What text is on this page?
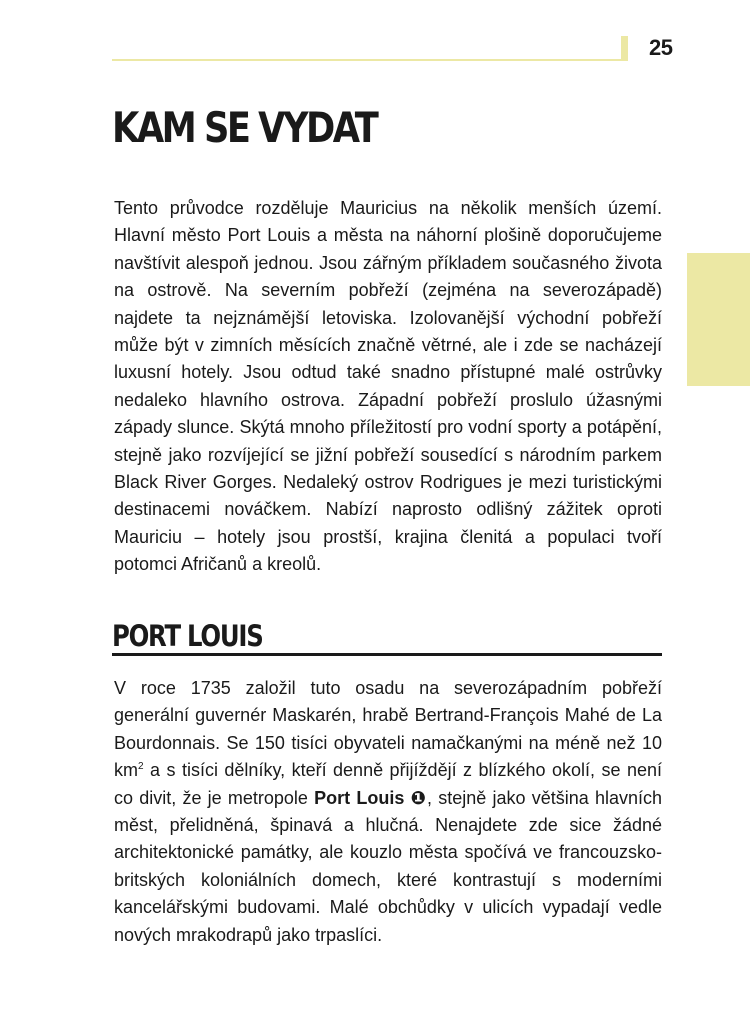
25
KAM SE VYDAT

Tento průvodce rozděluje Mauricius na několik menších území. Hlavní město Port Louis a města na náhorní plošině doporučujeme navštívit alespoň jednou. Jsou zářným příkladem současného života na ostrově. Na severním pobřeží (zejména na severozápadě) najdete ta nejznámější letoviska. Izolovanější východní pobřeží může být v zimních měsících značně větrné, ale i zde se nacházejí luxusní hotely. Jsou odtud také snadno přístupné malé ostrůvky nedaleko hlavního ostrova. Západní pobřeží proslulo úžasnými západy slunce. Skýtá mnoho příležitostí pro vodní sporty a potápění, stejně jako rozvíjející se jižní pobřeží sousedící s národním parkem Black River Gorges. Nedaleký ostrov Rodrigues je mezi turistickými destinacemi nováčkem. Nabízí naprosto odlišný zážitek oproti Mauriciu – hotely jsou prostší, krajina členitá a populaci tvoří potomci Afričanů a kreolů.

PORT LOUIS

V roce 1735 založil tuto osadu na severozápadním pobřeží generální guvernér Maskarén, hrabě Bertrand-François Mahé de La Bourdonnais. Se 150 tisíci obyvateli namačkanými na méně než 10 $km^2$ a s tisíci dělníky, kteří denně přijíždějí z blízkého okolí, se není co divit, že je metropole Port Louis ❶, stejně jako většina hlavních měst, přelidněná, špinavá a hlučná. Nenajdete zde sice žádné architektonické památky, ale kouzlo města spočívá ve francouzsko-britských koloniálních domech, které kontrastují s moderními kancelářskými budovami. Malé obchůdky v ulicích vypadají vedle nových mrakodrapů jako trpaslíci.
